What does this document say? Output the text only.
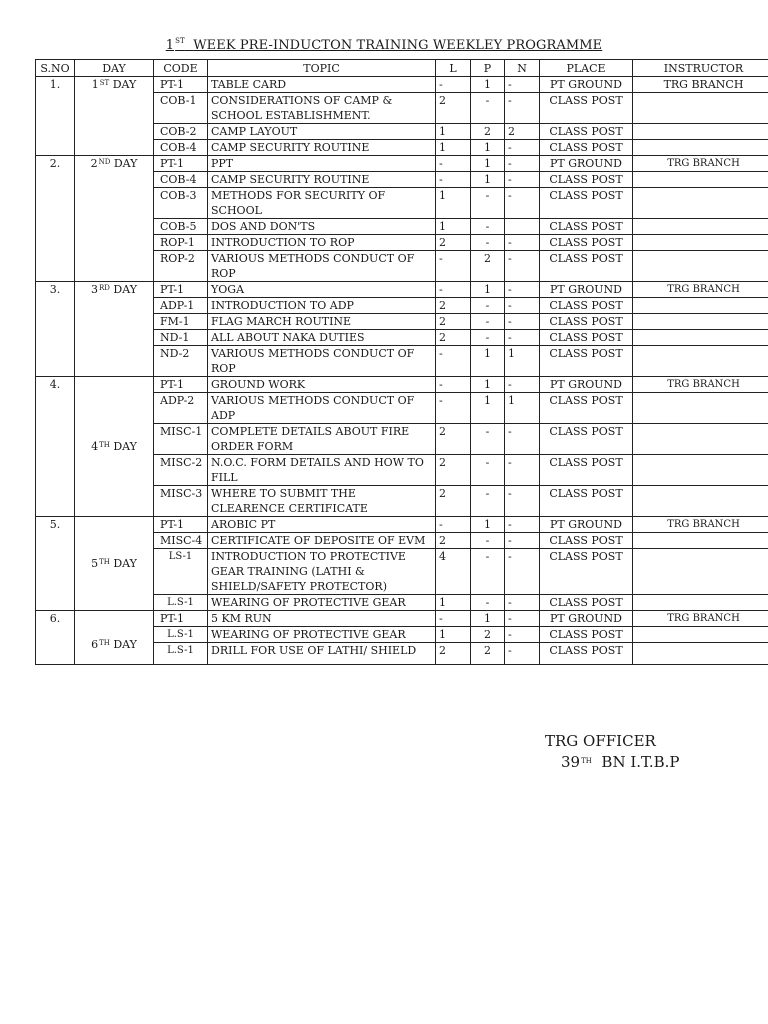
1ST WEEK PRE-INDUCTON TRAINING WEEKLEY PROGRAMME
S.NO	DAY	CODE	TOPIC	L	P	N	PLACE	INSTRUCTOR
1.	1ST DAY	PT-1	TABLE CARD	-	1	-	PT GROUND	TRG BRANCH
		COB-1	CONSIDERATIONS OF CAMP & SCHOOL ESTABLISHMENT.	2	-	-	CLASS POST	
		COB-2	CAMP LAYOUT	1	2	2	CLASS POST	
		COB-4	CAMP SECURITY ROUTINE	1	1	-	CLASS POST	
2.	2ND DAY	PT-1	PPT	-	1	-	PT GROUND	TRG BRANCH
		COB-4	CAMP SECURITY ROUTINE	-	1	-	CLASS POST	
		COB-3	METHODS FOR SECURITY OF SCHOOL	1	-	-	CLASS POST	
		COB-5	DOS AND DON'TS	1	-		CLASS POST	
		ROP-1	INTRODUCTION TO ROP	2	-	-	CLASS POST	
		ROP-2	VARIOUS METHODS CONDUCT OF ROP	-	2	-	CLASS POST	
3.	3RD DAY	PT-1	YOGA	-	1	-	PT GROUND	TRG BRANCH
		ADP-1	INTRODUCTION TO ADP	2	-	-	CLASS POST	
		FM-1	FLAG MARCH ROUTINE	2	-	-	CLASS POST	
		ND-1	ALL ABOUT NAKA DUTIES	2	-	-	CLASS POST	
		ND-2	VARIOUS METHODS CONDUCT OF ROP	-	1	1	CLASS POST	
4.	4TH DAY	PT-1	GROUND WORK	-	1	-	PT GROUND	TRG BRANCH
		ADP-2	VARIOUS METHODS CONDUCT OF ADP	-	1	1	CLASS POST	
		MISC-1	COMPLETE DETAILS ABOUT FIRE ORDER FORM	2	-	-	CLASS POST	
		MISC-2	N.O.C. FORM DETAILS AND HOW TO FILL	2	-	-	CLASS POST	
		MISC-3	WHERE TO SUBMIT THE CLEARENCE CERTIFICATE	2	-	-	CLASS POST	
5.	5TH DAY	PT-1	AROBIC PT	-	1	-	PT GROUND	TRG BRANCH
		MISC-4	CERTIFICATE OF DEPOSITE OF EVM	2	-	-	CLASS POST	
		LS-1	INTRODUCTION TO PROTECTIVE GEAR TRAINING (LATHI & SHIELD/SAFETY PROTECTOR)	4	-	-	CLASS POST	
		L.S-1	WEARING OF PROTECTIVE GEAR	1	-	-	CLASS POST	
6.	6TH DAY	PT-1	5 KM RUN	-	1	-	PT GROUND	TRG BRANCH
		L.S-1	WEARING OF PROTECTIVE GEAR	1	2	-	CLASS POST	
		L.S-1	DRILL FOR USE OF LATHI/ SHIELD	2	2	-	CLASS POST	
TRG OFFICER
39TH BN I.T.B.P
